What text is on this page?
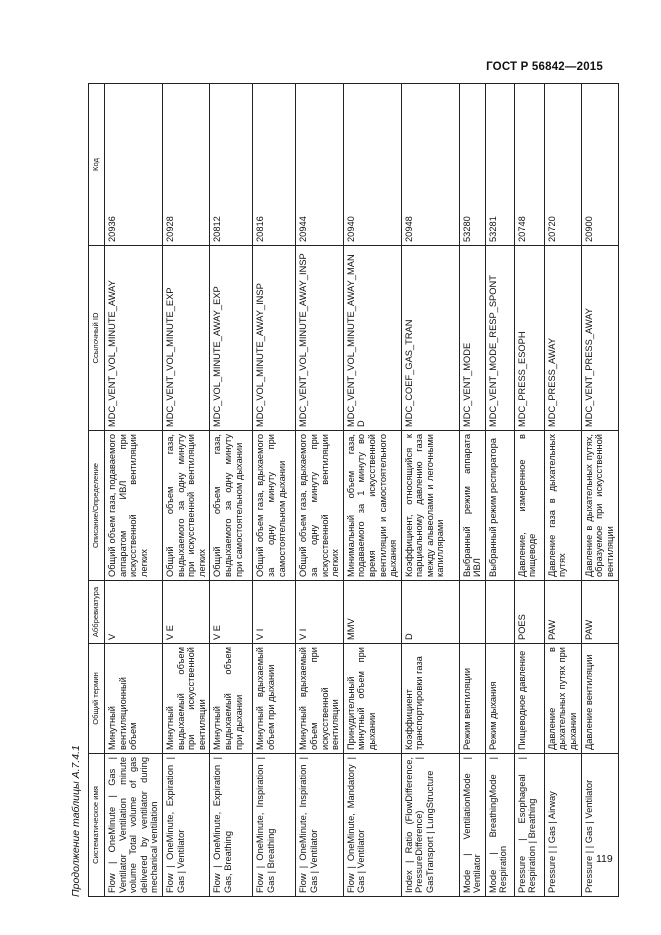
ГОСТ Р 56842—2015
Продолжение таблицы А.7.4.1 Систематическое имя	Общий термин	Аббревиатура	Описание/Определение	Ссылочный ID	Код
Flow | OneMinute | Gas | Ventilator Ventilation minute volume Total volume of gas delivered by ventilator during mechanical ventilation	Минутный вентиляционный объем	V	Общий объем газа, подаваемого аппаратом ИВЛ при искусственной вентиляции легких	MDC_VENT_VOL_MINUTE_AWAY	20936
Flow | OneMinute, Expiration | Gas | Ventilator	Минутный выдыхаемый объем при искусственной вентиляции	V E	Общий объем газа, выдыхаемого за одну минуту при искусственной вентиляции легких	MDC_VENT_VOL_MINUTE_EXP	20928
Flow | OneMinute, Expiration | Gas, Breathing	Минутный выдыхаемый объем при дыхании	V E	Общий объем газа, выдыхаемого за одну минуту при самостоятельном дыхании	MDC_VOL_MINUTE_AWAY_EXP	20812
Flow | OneMinute, Inspiration | Gas | Breathing	Минутный вдыхаемый объем при дыхании	V I	Общий объем газа, вдыхаемого за одну минуту при самостоятельном дыхании	MDC_VOL_MINUTE_AWAY_INSP	20816
Flow | OneMinute, Inspiration | Gas | Ventilator	Минутный вдыхаемый объем при искусственной вентиляции	V I	Общий объем газа, вдыхаемого за одну минуту при искусственной вентиляции легких	MDC_VENT_VOL_MINUTE_AWAY_INSP	20944
Flow | OneMinute, Mandatory | Gas | Ventilator	Принудительный минутный объем при дыхании	MMV	Минимальный объем газа, подаваемого за 1 минуту во время искусственной вентиляции и самостоятельного дыхания	MDC_VENT_VOL_MINUTE_AWAY_MAND	20940
Index | Ratio (FlowDifference, PressureDifference) | GasTransport | LungStructure	Коэффициент транспортировки газа	D	Коэффициент, относящийся к парциальному давлению газа между альвеолами и легочными капиллярами	MDC_COEF_GAS_TRAN	20948
Mode | VentilationMode | Ventilator	Режим вентиляции		Выбранный режим аппарата ИВЛ	MDC_VENT_MODE	53280
Mode | BreathingMode | Respiration	Режим дыхания		Выбранный режим респиратора	MDC_VENT_MODE_RESP_SPONT	53281
Pressure | Esophageal | Respiration | Breathing	Пищеводное давление	POES	Давление, измеренное в пищеводе	MDC_PRESS_ESOPH	20748
Pressure | | Gas | Airway	Давление в дыхательных путях при дыхании	PAW	Давление газа в дыхательных путях	MDC_PRESS_AWAY	20720
Pressure | | Gas | Ventilator	Давление вентиляции	PAW	Давление в дыхательных путях, образуемое при искусственной вентиляции	MDC_VENT_PRESS_AWAY	20900
119
